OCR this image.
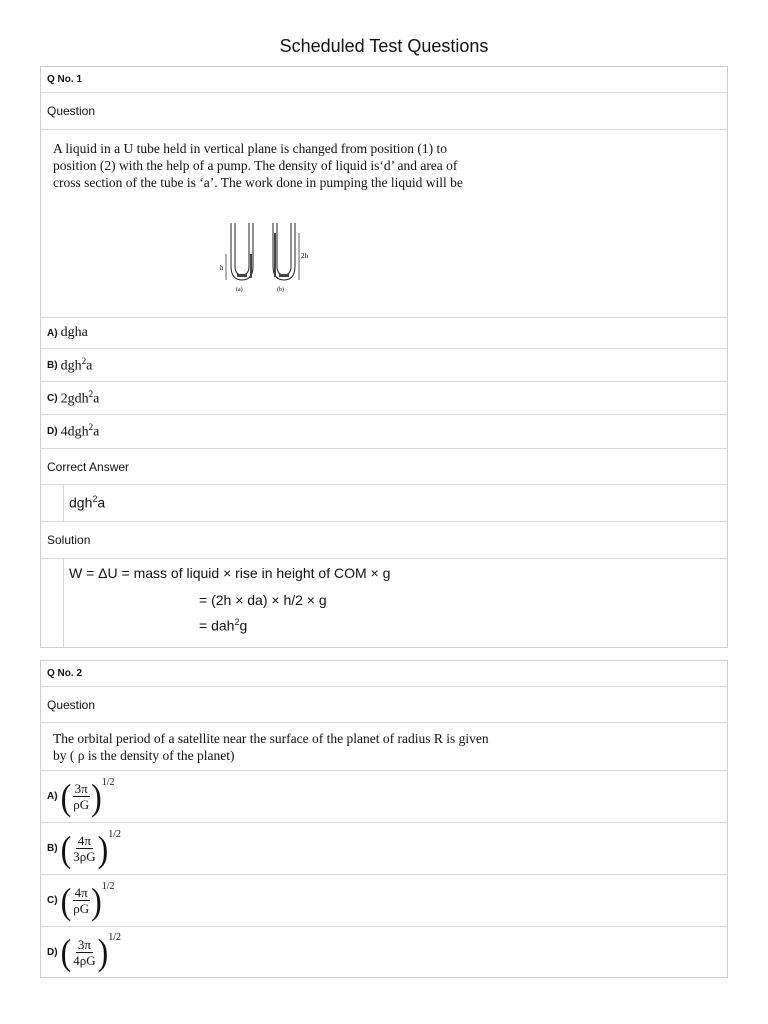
Scheduled Test Questions
Q No. 1
Question
A liquid in a U tube held in vertical plane is changed from position (1) to position (2) with the help of a pump. The density of liquid is‘d’ and area of cross section of the tube is ‘a’. The work done in pumping the liquid will be
h
2h
(a)	(b)
A) dgha
B) dgh$^2$a
C) 2gdh$^2$a
D) 4dgh$^2$a
Correct Answer
dgh$^2$a
Solution
W = ΔU = mass of liquid × rise in height of COM × g
= (2h × da) × h/2 × g
= dah$^2$g
Q No. 2
Question
The orbital period of a satellite near the surface of the planet of radius R is given by ( ρ is the density of the planet)
A) ( $\frac{3\pi}{\rho G}$ ) 1/2
B) ( $\frac{4\pi}{3\rho G}$ ) 1/2
C) ( $\frac{4\pi}{\rho G}$ ) 1/2
D) ( $\frac{3\pi}{4\rho G}$ ) 1/2
